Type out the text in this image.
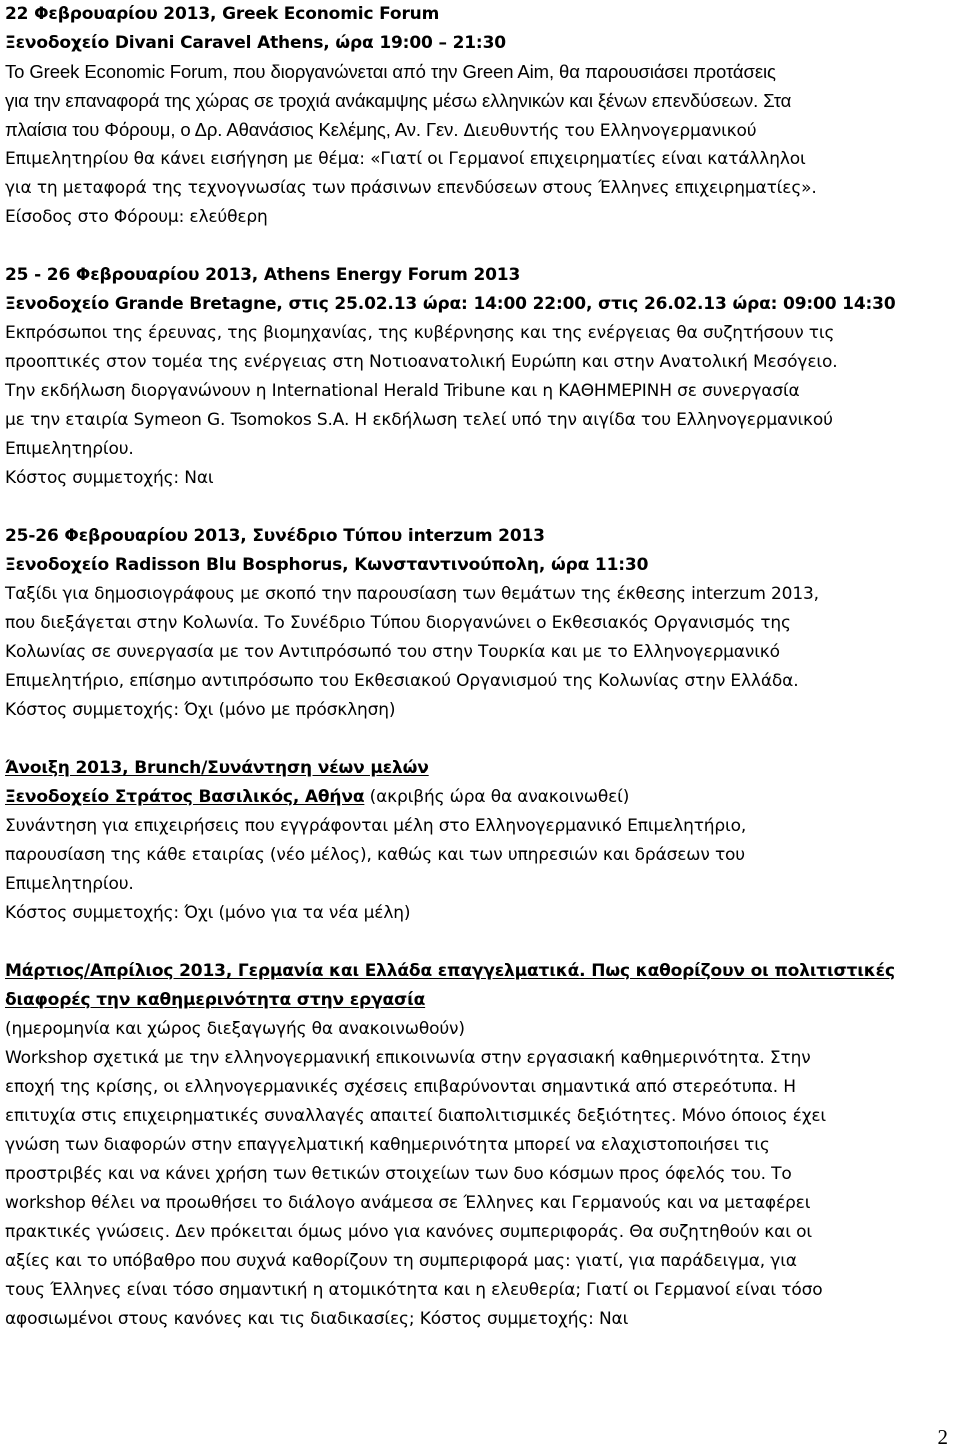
22 Φεβρουαρίου 2013, Greek Economic Forum
Ξενοδοχείο Divani Caravel Athens, ώρα 19:00 – 21:30
Το Greek Economic Forum, που διοργανώνεται από την Green Aim, θα παρουσιάσει προτάσεις
για την επαναφορά της χώρας σε τροχιά ανάκαμψης μέσω ελληνικών και ξένων επενδύσεων. Στα
πλαίσια του Φόρουμ, ο Δρ. Αθανάσιος Κελέμης, Αν. Γεν. Διευθυντής του Ελληνογερμανικού
Επιμελητηρίου θα κάνει εισήγηση με θέμα: «Γιατί οι Γερμανοί επιχειρηματίες είναι κατάλληλοι
για τη μεταφορά της τεχνογνωσίας των πράσινων επενδύσεων στους Έλληνες επιχειρηματίες».
Είσοδος στο Φόρουμ: ελεύθερη
25 - 26 Φεβρουαρίου 2013, Athens Energy Forum 2013
Ξενοδοχείο Grande Bretagne, στις 25.02.13 ώρα: 14:00 22:00, στις 26.02.13 ώρα: 09:00 14:30
Εκπρόσωποι της έρευνας, της βιομηχανίας, της κυβέρνησης και της ενέργειας θα συζητήσουν τις
προοπτικές στον τομέα της ενέργειας στη Νοτιοανατολική Ευρώπη και στην Ανατολική Μεσόγειο.
Την εκδήλωση διοργανώνουν η International Herald Tribune και η ΚΑΘΗΜΕΡΙΝΗ σε συνεργασία
με την εταιρία Symeon G. Tsomokos S.A. Η εκδήλωση τελεί υπό την αιγίδα του Ελληνογερμανικού
Επιμελητηρίου.
Κόστος συμμετοχής: Ναι
25-26 Φεβρουαρίου 2013, Συνέδριο Τύπου interzum 2013
Ξενοδοχείο Radisson Blu Bosphorus, Κωνσταντινούπολη, ώρα 11:30
Ταξίδι για δημοσιογράφους με σκοπό την παρουσίαση των θεμάτων της έκθεσης interzum 2013,
που διεξάγεται στην Κολωνία. Το Συνέδριο Τύπου διοργανώνει ο Εκθεσιακός Οργανισμός της
Κολωνίας σε συνεργασία με τον Αντιπρόσωπό του στην Τουρκία και με το Ελληνογερμανικό
Επιμελητήριο, επίσημο αντιπρόσωπο του Εκθεσιακού Οργανισμού της Κολωνίας στην Ελλάδα.
Κόστος συμμετοχής: Όχι (μόνο με πρόσκληση)
Άνοιξη 2013, Brunch/Συνάντηση νέων μελών
Ξενοδοχείο Στράτος Βασιλικός, Αθήνα (ακριβής ώρα θα ανακοινωθεί)
Συνάντηση για επιχειρήσεις που εγγράφονται μέλη στο Ελληνογερμανικό Επιμελητήριο,
παρουσίαση της κάθε εταιρίας (νέο μέλος), καθώς και των υπηρεσιών και δράσεων του
Επιμελητηρίου.
Κόστος συμμετοχής: Όχι (μόνο για τα νέα μέλη)
Μάρτιος/Απρίλιος 2013, Γερμανία και Ελλάδα επαγγελματικά. Πως καθορίζουν οι πολιτιστικές
διαφορές την καθημερινότητα στην εργασία
(ημερομηνία και χώρος διεξαγωγής θα ανακοινωθούν)
Workshop σχετικά με την ελληνογερμανική επικοινωνία στην εργασιακή καθημερινότητα. Στην
εποχή της κρίσης, οι ελληνογερμανικές σχέσεις επιβαρύνονται σημαντικά από στερεότυπα. Η
επιτυχία στις επιχειρηματικές συναλλαγές απαιτεί διαπολιτισμικές δεξιότητες. Μόνο όποιος έχει
γνώση των διαφορών στην επαγγελματική καθημερινότητα μπορεί να ελαχιστοποιήσει τις
προστριβές και να κάνει χρήση των θετικών στοιχείων των δυο κόσμων προς όφελός του. Το
workshop θέλει να προωθήσει το διάλογο ανάμεσα σε Έλληνες και Γερμανούς και να μεταφέρει
πρακτικές γνώσεις. Δεν πρόκειται όμως μόνο για κανόνες συμπεριφοράς. Θα συζητηθούν και οι
αξίες και το υπόβαθρο που συχνά καθορίζουν τη συμπεριφορά μας: γιατί, για παράδειγμα, για
τους Έλληνες είναι τόσο σημαντική η ατομικότητα και η ελευθερία; Γιατί οι Γερμανοί είναι τόσο
αφοσιωμένοι στους κανόνες και τις διαδικασίες; Κόστος συμμετοχής: Ναι
2
